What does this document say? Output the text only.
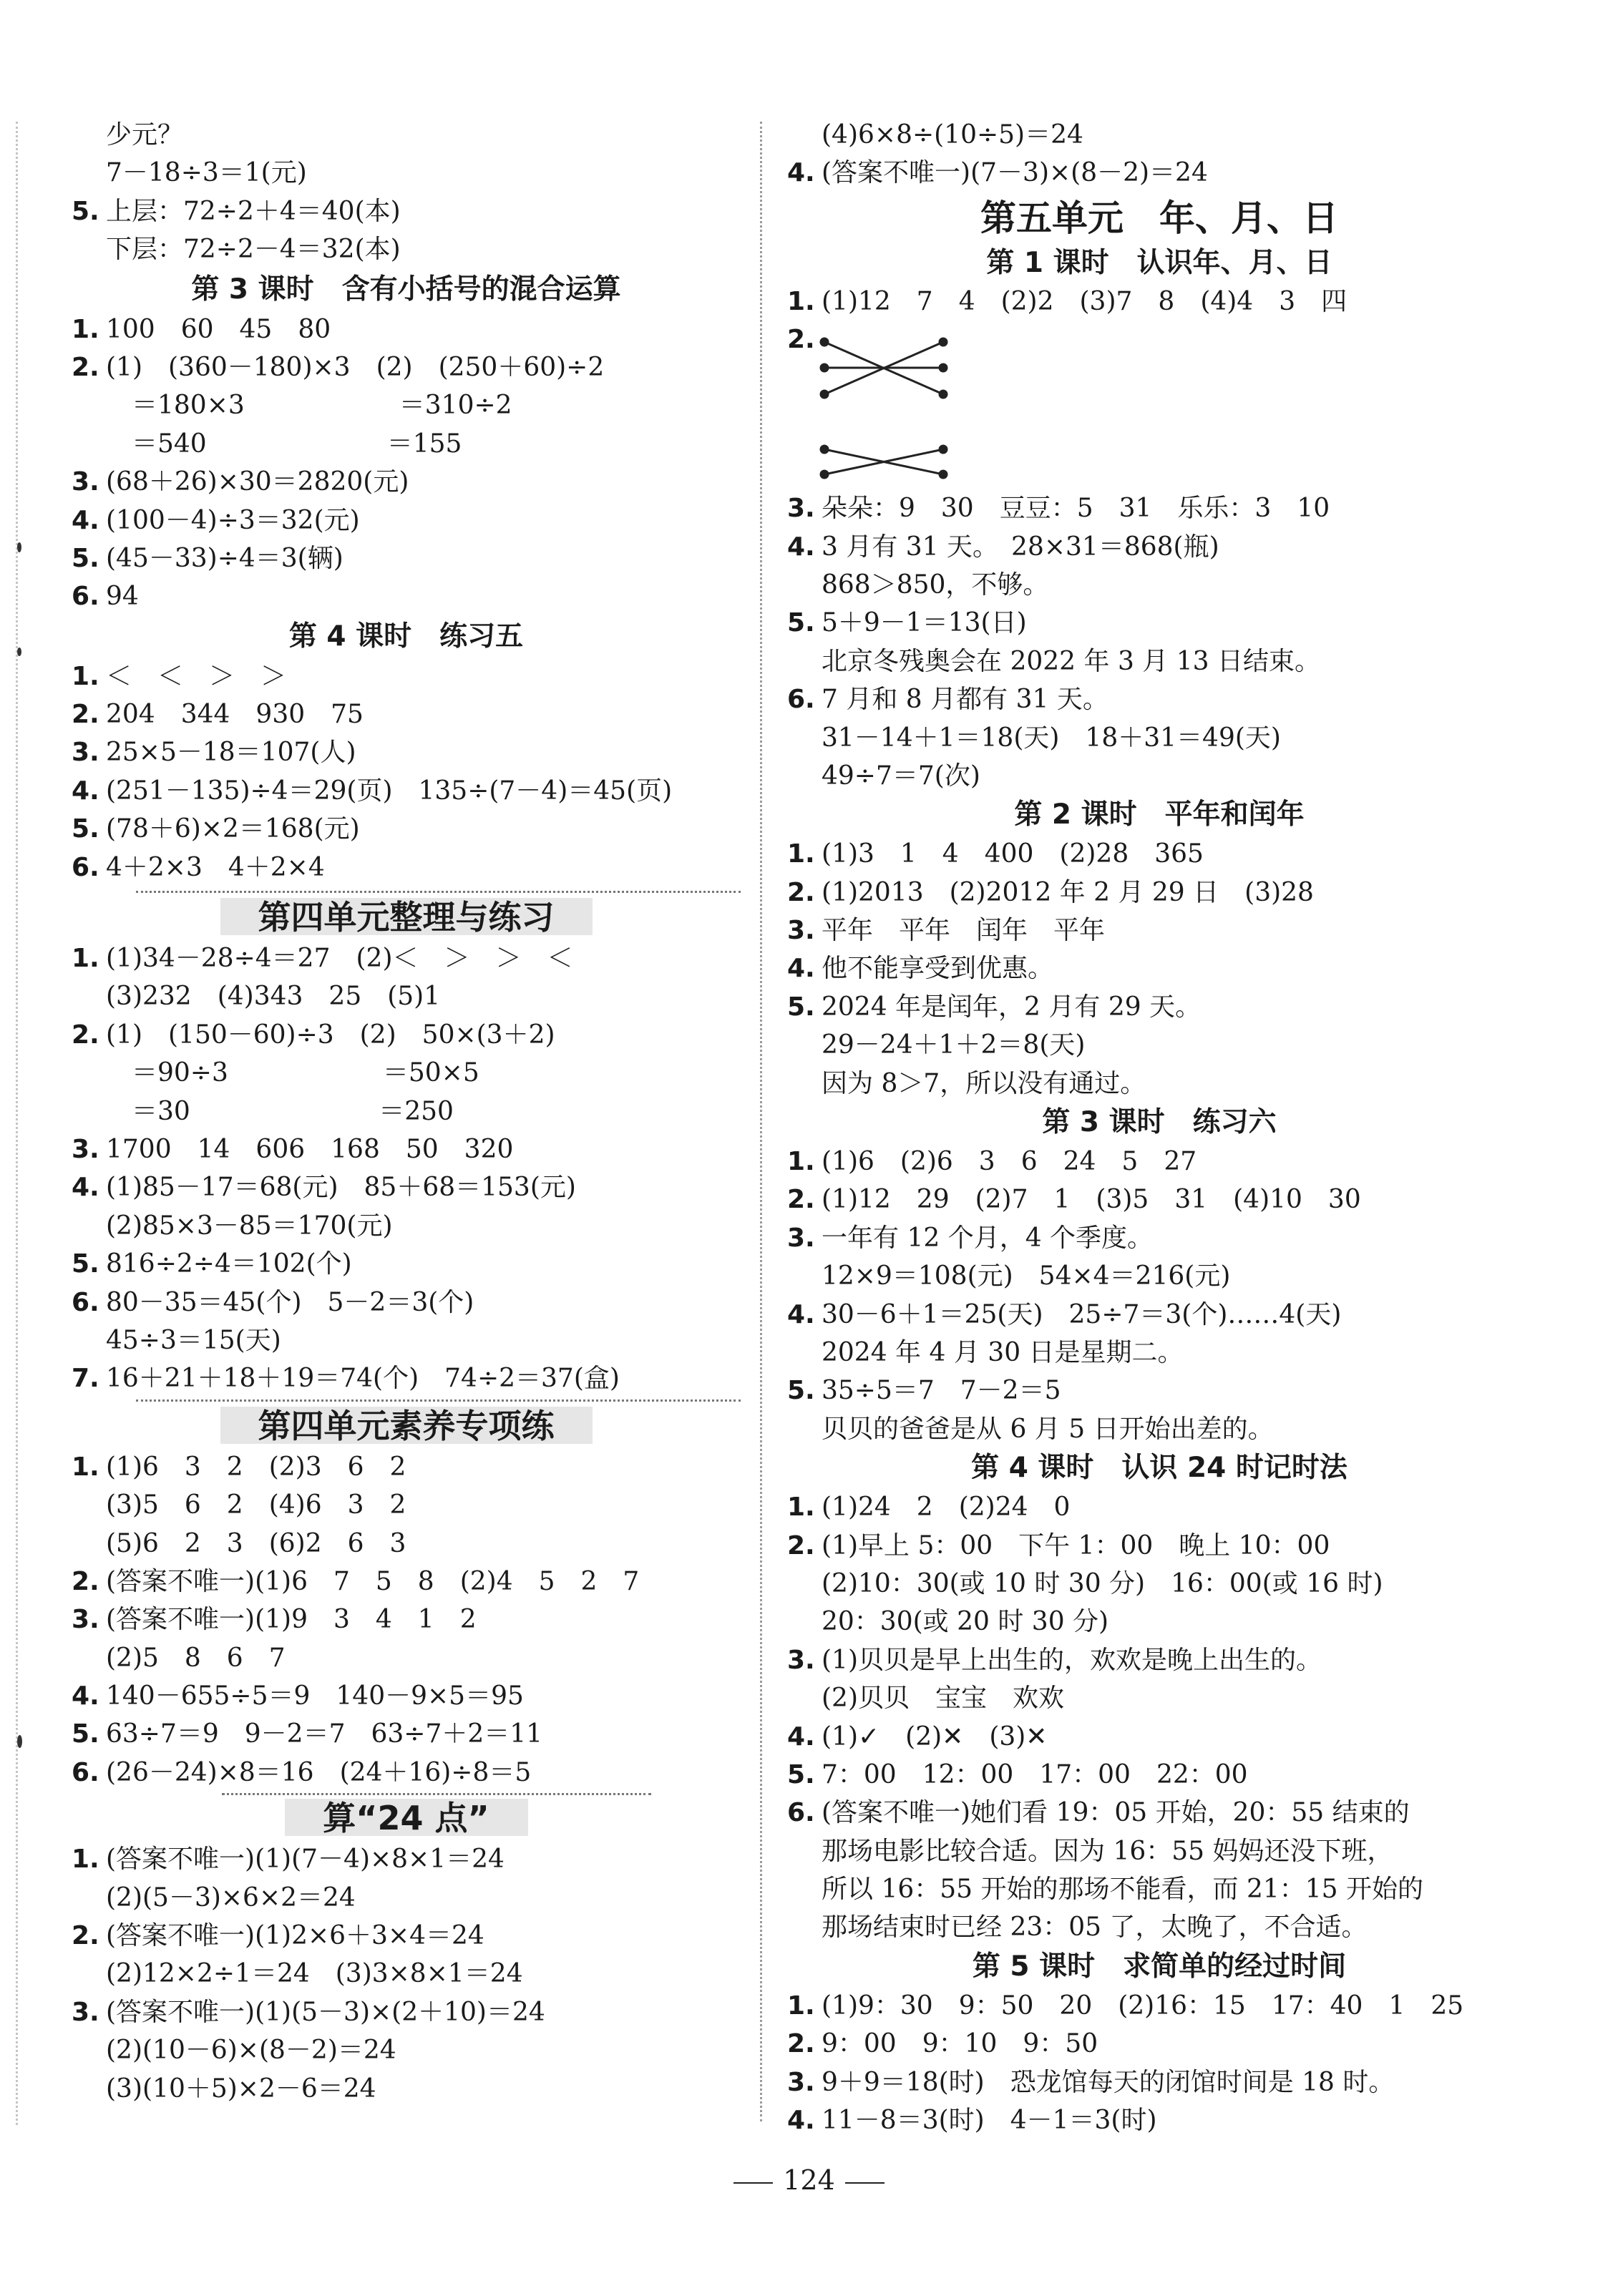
少元？
7－18÷3＝1(元)
5. 上层：72÷2＋4＝40(本)
下层：72÷2－4＝32(本)
第 3 课时　含有小括号的混合运算
1. 100　60　45　80
2. (1)　(360－180)×3　(2)　(250＋60)÷2
　＝180×3　　　　　　＝310÷2
　＝540　　　　　　　＝155
3. (68＋26)×30＝2820(元)
4. (100－4)÷3＝32(元)
5. (45－33)÷4＝3(辆)
6. 94
第 4 课时　练习五
1. ＜　＜　＞　＞
2. 204　344　930　75
3. 25×5－18＝107(人)
4. (251－135)÷4＝29(页)　135÷(7－4)＝45(页)
5. (78＋6)×2＝168(元)
6. 4＋2×3　4＋2×4
第四单元整理与练习
1. (1)34－28÷4＝27　(2)＜　＞　＞　＜
(3)232　(4)343　25　(5)1
2. (1)　(150－60)÷3　(2)　50×(3＋2)
　＝90÷3　　　　　　＝50×5
　＝30　　　　　　　 ＝250
3. 1700　14　606　168　50　320
4. (1)85－17＝68(元)　85＋68＝153(元)
(2)85×3－85＝170(元)
5. 816÷2÷4＝102(个)
6. 80－35＝45(个)　5－2＝3(个)
45÷3＝15(天)
7. 16＋21＋18＋19＝74(个)　74÷2＝37(盒)
第四单元素养专项练
1. (1)6　3　2　(2)3　6　2
(3)5　6　2　(4)6　3　2
(5)6　2　3　(6)2　6　3
2. (答案不唯一)(1)6　7　5　8　(2)4　5　2　7
3. (答案不唯一)(1)9　3　4　1　2
(2)5　8　6　7
4. 140－655÷5＝9　140－9×5＝95
5. 63÷7＝9　9－2＝7　63÷7＋2＝11
6. (26－24)×8＝16　(24＋16)÷8＝5
算“24 点”
1. (答案不唯一)(1)(7－4)×8×1＝24
(2)(5－3)×6×2＝24
2. (答案不唯一)(1)2×6＋3×4＝24
(2)12×2÷1＝24　(3)3×8×1＝24
3. (答案不唯一)(1)(5－3)×(2＋10)＝24
(2)(10－6)×(8－2)＝24
(3)(10＋5)×2－6＝24
(4)6×8÷(10÷5)＝24
4. (答案不唯一)(7－3)×(8－2)＝24
第五单元　年、月、日
第 1 课时　认识年、月、日
1. (1)12　7　4　(2)2　(3)7　8　(4)4　3　四
2.
3. 朵朵：9　30　豆豆：5　31　乐乐：3　10
4. 3 月有 31 天。　28×31＝868(瓶)
868＞850，不够。
5. 5＋9－1＝13(日)
北京冬残奥会在 2022 年 3 月 13 日结束。
6. 7 月和 8 月都有 31 天。
31－14＋1＝18(天)　18＋31＝49(天)
49÷7＝7(次)
第 2 课时　平年和闰年
1. (1)3　1　4　400　(2)28　365
2. (1)2013　(2)2012 年 2 月 29 日　(3)28
3. 平年　平年　闰年　平年
4. 他不能享受到优惠。
5. 2024 年是闰年，2 月有 29 天。
29－24＋1＋2＝8(天)
因为 8＞7，所以没有通过。
第 3 课时　练习六
1. (1)6　(2)6　3　6　24　5　27
2. (1)12　29　(2)7　1　(3)5　31　(4)10　30
3. 一年有 12 个月，4 个季度。
12×9＝108(元)　54×4＝216(元)
4. 30－6＋1＝25(天)　25÷7＝3(个)……4(天)
2024 年 4 月 30 日是星期二。
5. 35÷5＝7　7－2＝5
贝贝的爸爸是从 6 月 5 日开始出差的。
第 4 课时　认识 24 时记时法
1. (1)24　2　(2)24　0
2. (1)早上 5：00　下午 1：00　晚上 10：00
(2)10：30(或 10 时 30 分)　16：00(或 16 时)
20：30(或 20 时 30 分)
3. (1)贝贝是早上出生的，欢欢是晚上出生的。
(2)贝贝　宝宝　欢欢
4. (1)✓　(2)✕　(3)✕
5. 7：00　12：00　17：00　22：00
6. (答案不唯一)她们看 19：05 开始，20：55 结束的
那场电影比较合适。因为 16：55 妈妈还没下班，
所以 16：55 开始的那场不能看，而 21：15 开始的
那场结束时已经 23：05 了，太晚了，不合适。
第 5 课时　求简单的经过时间
1. (1)9：30　9：50　20　(2)16：15　17：40　1　25
2. 9：00　9：10　9：50
3. 9＋9＝18(时)　恐龙馆每天的闭馆时间是 18 时。
4. 11－8＝3(时)　4－1＝3(时)
124
